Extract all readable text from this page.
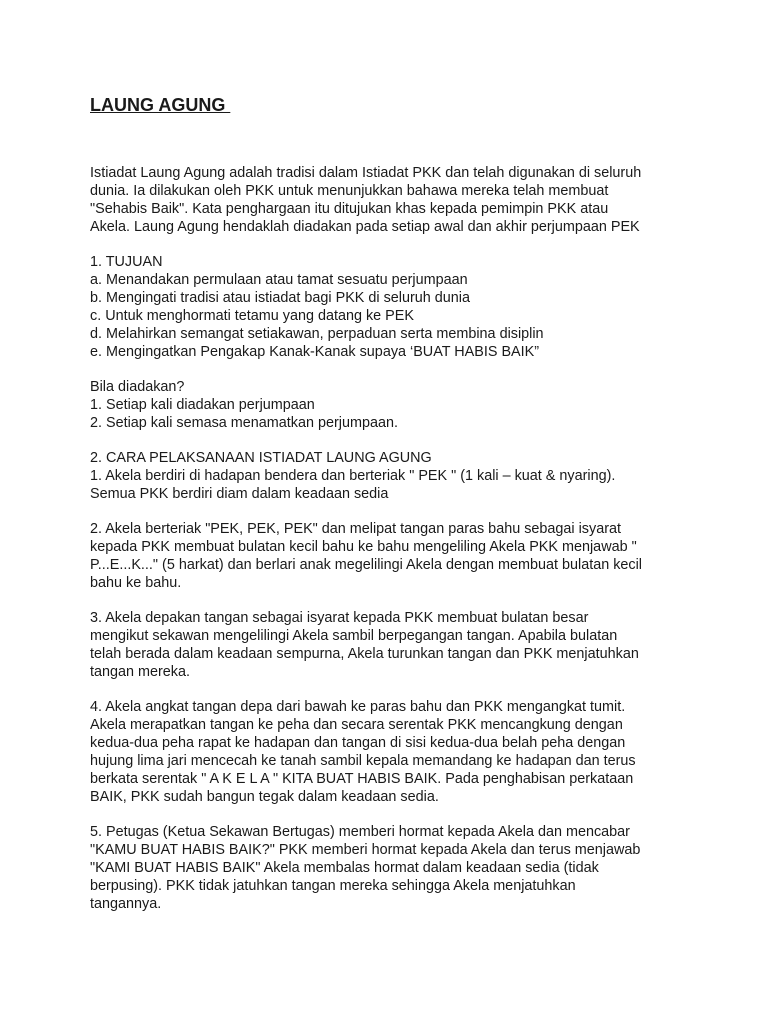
LAUNG AGUNG
Istiadat Laung Agung adalah tradisi dalam Istiadat PKK dan telah digunakan di seluruh
dunia. Ia dilakukan oleh PKK untuk menunjukkan bahawa mereka telah membuat
"Sehabis Baik". Kata penghargaan itu ditujukan khas kepada pemimpin PKK atau
Akela. Laung Agung hendaklah diadakan pada setiap awal dan akhir perjumpaan PEK
1. TUJUAN
a. Menandakan permulaan atau tamat sesuatu perjumpaan
b. Mengingati tradisi atau istiadat bagi PKK di seluruh dunia
c. Untuk menghormati tetamu yang datang ke PEK
d. Melahirkan semangat setiakawan, perpaduan serta membina disiplin
e. Mengingatkan Pengakap Kanak-Kanak supaya ‘BUAT HABIS BAIK”
Bila diadakan?
1. Setiap kali diadakan perjumpaan
2. Setiap kali semasa menamatkan perjumpaan.
2. CARA PELAKSANAAN ISTIADAT LAUNG AGUNG
1. Akela berdiri di hadapan bendera dan berteriak " PEK " (1 kali – kuat & nyaring).
Semua PKK berdiri diam dalam keadaan sedia
2. Akela berteriak "PEK, PEK, PEK" dan melipat tangan paras bahu sebagai isyarat
kepada PKK membuat bulatan kecil bahu ke bahu mengeliling Akela PKK menjawab "
P...E...K..." (5 harkat) dan berlari anak megelilingi Akela dengan membuat bulatan kecil
bahu ke bahu.
3. Akela depakan tangan sebagai isyarat kepada PKK membuat bulatan besar
mengikut sekawan mengelilingi Akela sambil berpegangan tangan. Apabila bulatan
telah berada dalam keadaan sempurna, Akela turunkan tangan dan PKK menjatuhkan
tangan mereka.
4. Akela angkat tangan depa dari bawah ke paras bahu dan PKK mengangkat tumit.
Akela merapatkan tangan ke peha dan secara serentak PKK mencangkung dengan
kedua-dua peha rapat ke hadapan dan tangan di sisi kedua-dua belah peha dengan
hujung lima jari mencecah ke tanah sambil kepala memandang ke hadapan dan terus
berkata serentak " A K E L A " KITA BUAT HABIS BAIK. Pada penghabisan perkataan
BAIK, PKK sudah bangun tegak dalam keadaan sedia.
5. Petugas (Ketua Sekawan Bertugas) memberi hormat kepada Akela dan mencabar
"KAMU BUAT HABIS BAIK?" PKK memberi hormat kepada Akela dan terus menjawab
"KAMI BUAT HABIS BAIK" Akela membalas hormat dalam keadaan sedia (tidak
berpusing). PKK tidak jatuhkan tangan mereka sehingga Akela menjatuhkan
tangannya.
